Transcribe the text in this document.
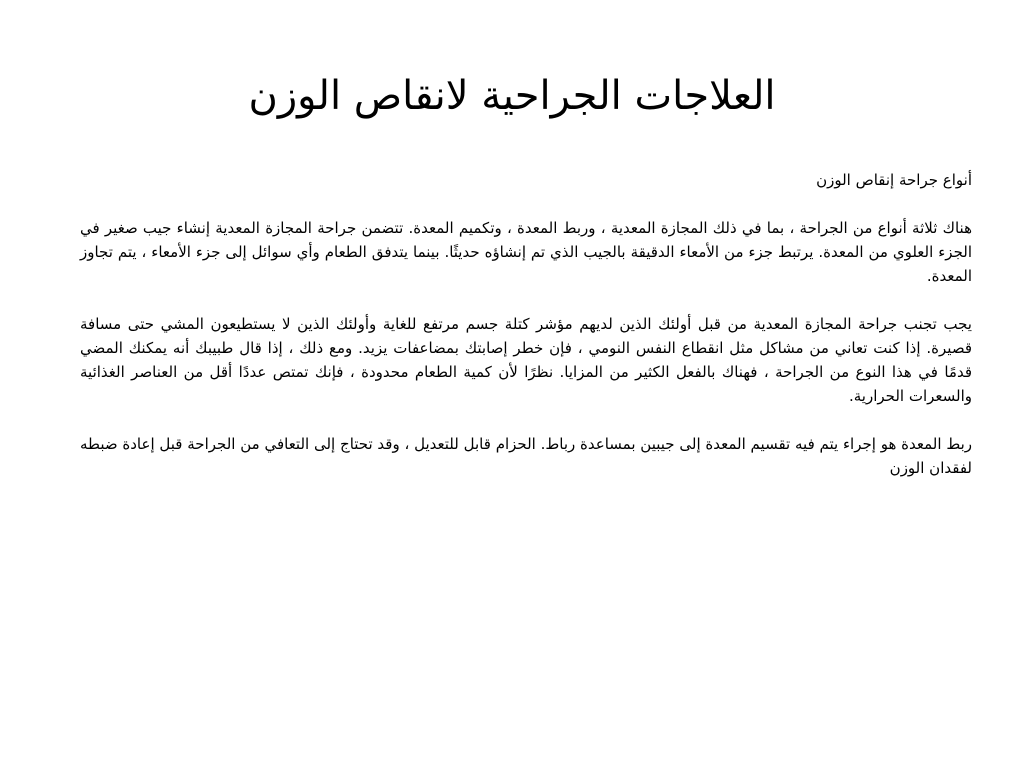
العلاجات الجراحية لانقاص الوزن

أنواع جراحة إنقاص الوزن

هناك ثلاثة أنواع من الجراحة ، بما في ذلك المجازة المعدية ، وربط المعدة ، وتكميم المعدة. تتضمن جراحة المجازة المعدية إنشاء جيب صغير في الجزء العلوي من المعدة. يرتبط جزء من الأمعاء الدقيقة بالجيب الذي تم إنشاؤه حديثًا. بينما يتدفق الطعام وأي سوائل إلى جزء الأمعاء ، يتم تجاوز المعدة.

يجب تجنب جراحة المجازة المعدية من قبل أولئك الذين لديهم مؤشر كتلة جسم مرتفع للغاية وأولئك الذين لا يستطيعون المشي حتى مسافة قصيرة. إذا كنت تعاني من مشاكل مثل انقطاع النفس النومي ، فإن خطر إصابتك بمضاعفات يزيد. ومع ذلك ، إذا قال طبيبك أنه يمكنك المضي قدمًا في هذا النوع من الجراحة ، فهناك بالفعل الكثير من المزايا. نظرًا لأن كمية الطعام محدودة ، فإنك تمتص عددًا أقل من العناصر الغذائية والسعرات الحرارية.

ربط المعدة هو إجراء يتم فيه تقسيم المعدة إلى جيبين بمساعدة رباط. الحزام قابل للتعديل ، وقد تحتاج إلى التعافي من الجراحة قبل إعادة ضبطه لفقدان الوزن
